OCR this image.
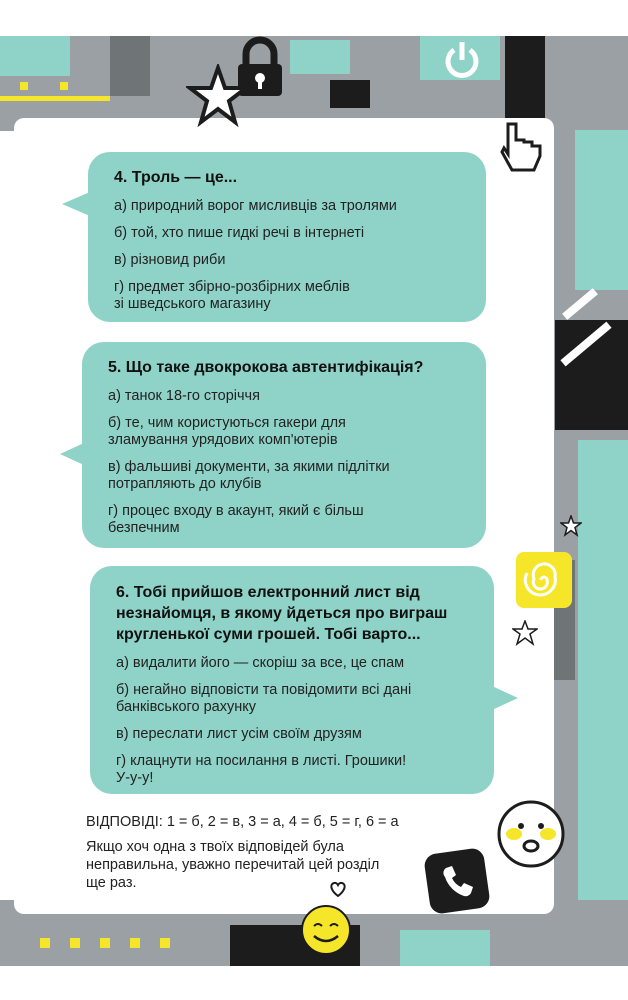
4. Троль — це...
а) природний ворог мисливців за тролями
б) той, хто пише гидкі речі в інтернеті
в) різновид риби
г) предмет збірно-розбірних меблів
зі шведського магазину
5. Що таке двокрокова автентифікація?
а) танок 18-го сторіччя
б) те, чим користуються гакери для
зламування урядових комп'ютерів
в) фальшиві документи, за якими підлітки
потрапляють до клубів
г) процес входу в акаунт, який є більш
безпечним
6. Тобі прийшов електронний лист від
незнайомця, в якому йдеться про виграш
кругленької суми грошей. Тобі варто...
а) видалити його — скоріш за все, це спам
б) негайно відповісти та повідомити всі дані
банківського рахунку
в) переслати лист усім своїм друзям
г) клацнути на посилання в листі. Грошики!
У-у-у!
ВІДПОВІДІ: 1 = б, 2 = в, 3 = а, 4 = б, 5 = г, 6 = а
Якщо хоч одна з твоїх відповідей була неправильна, уважно перечитай цей розділ ще раз.
